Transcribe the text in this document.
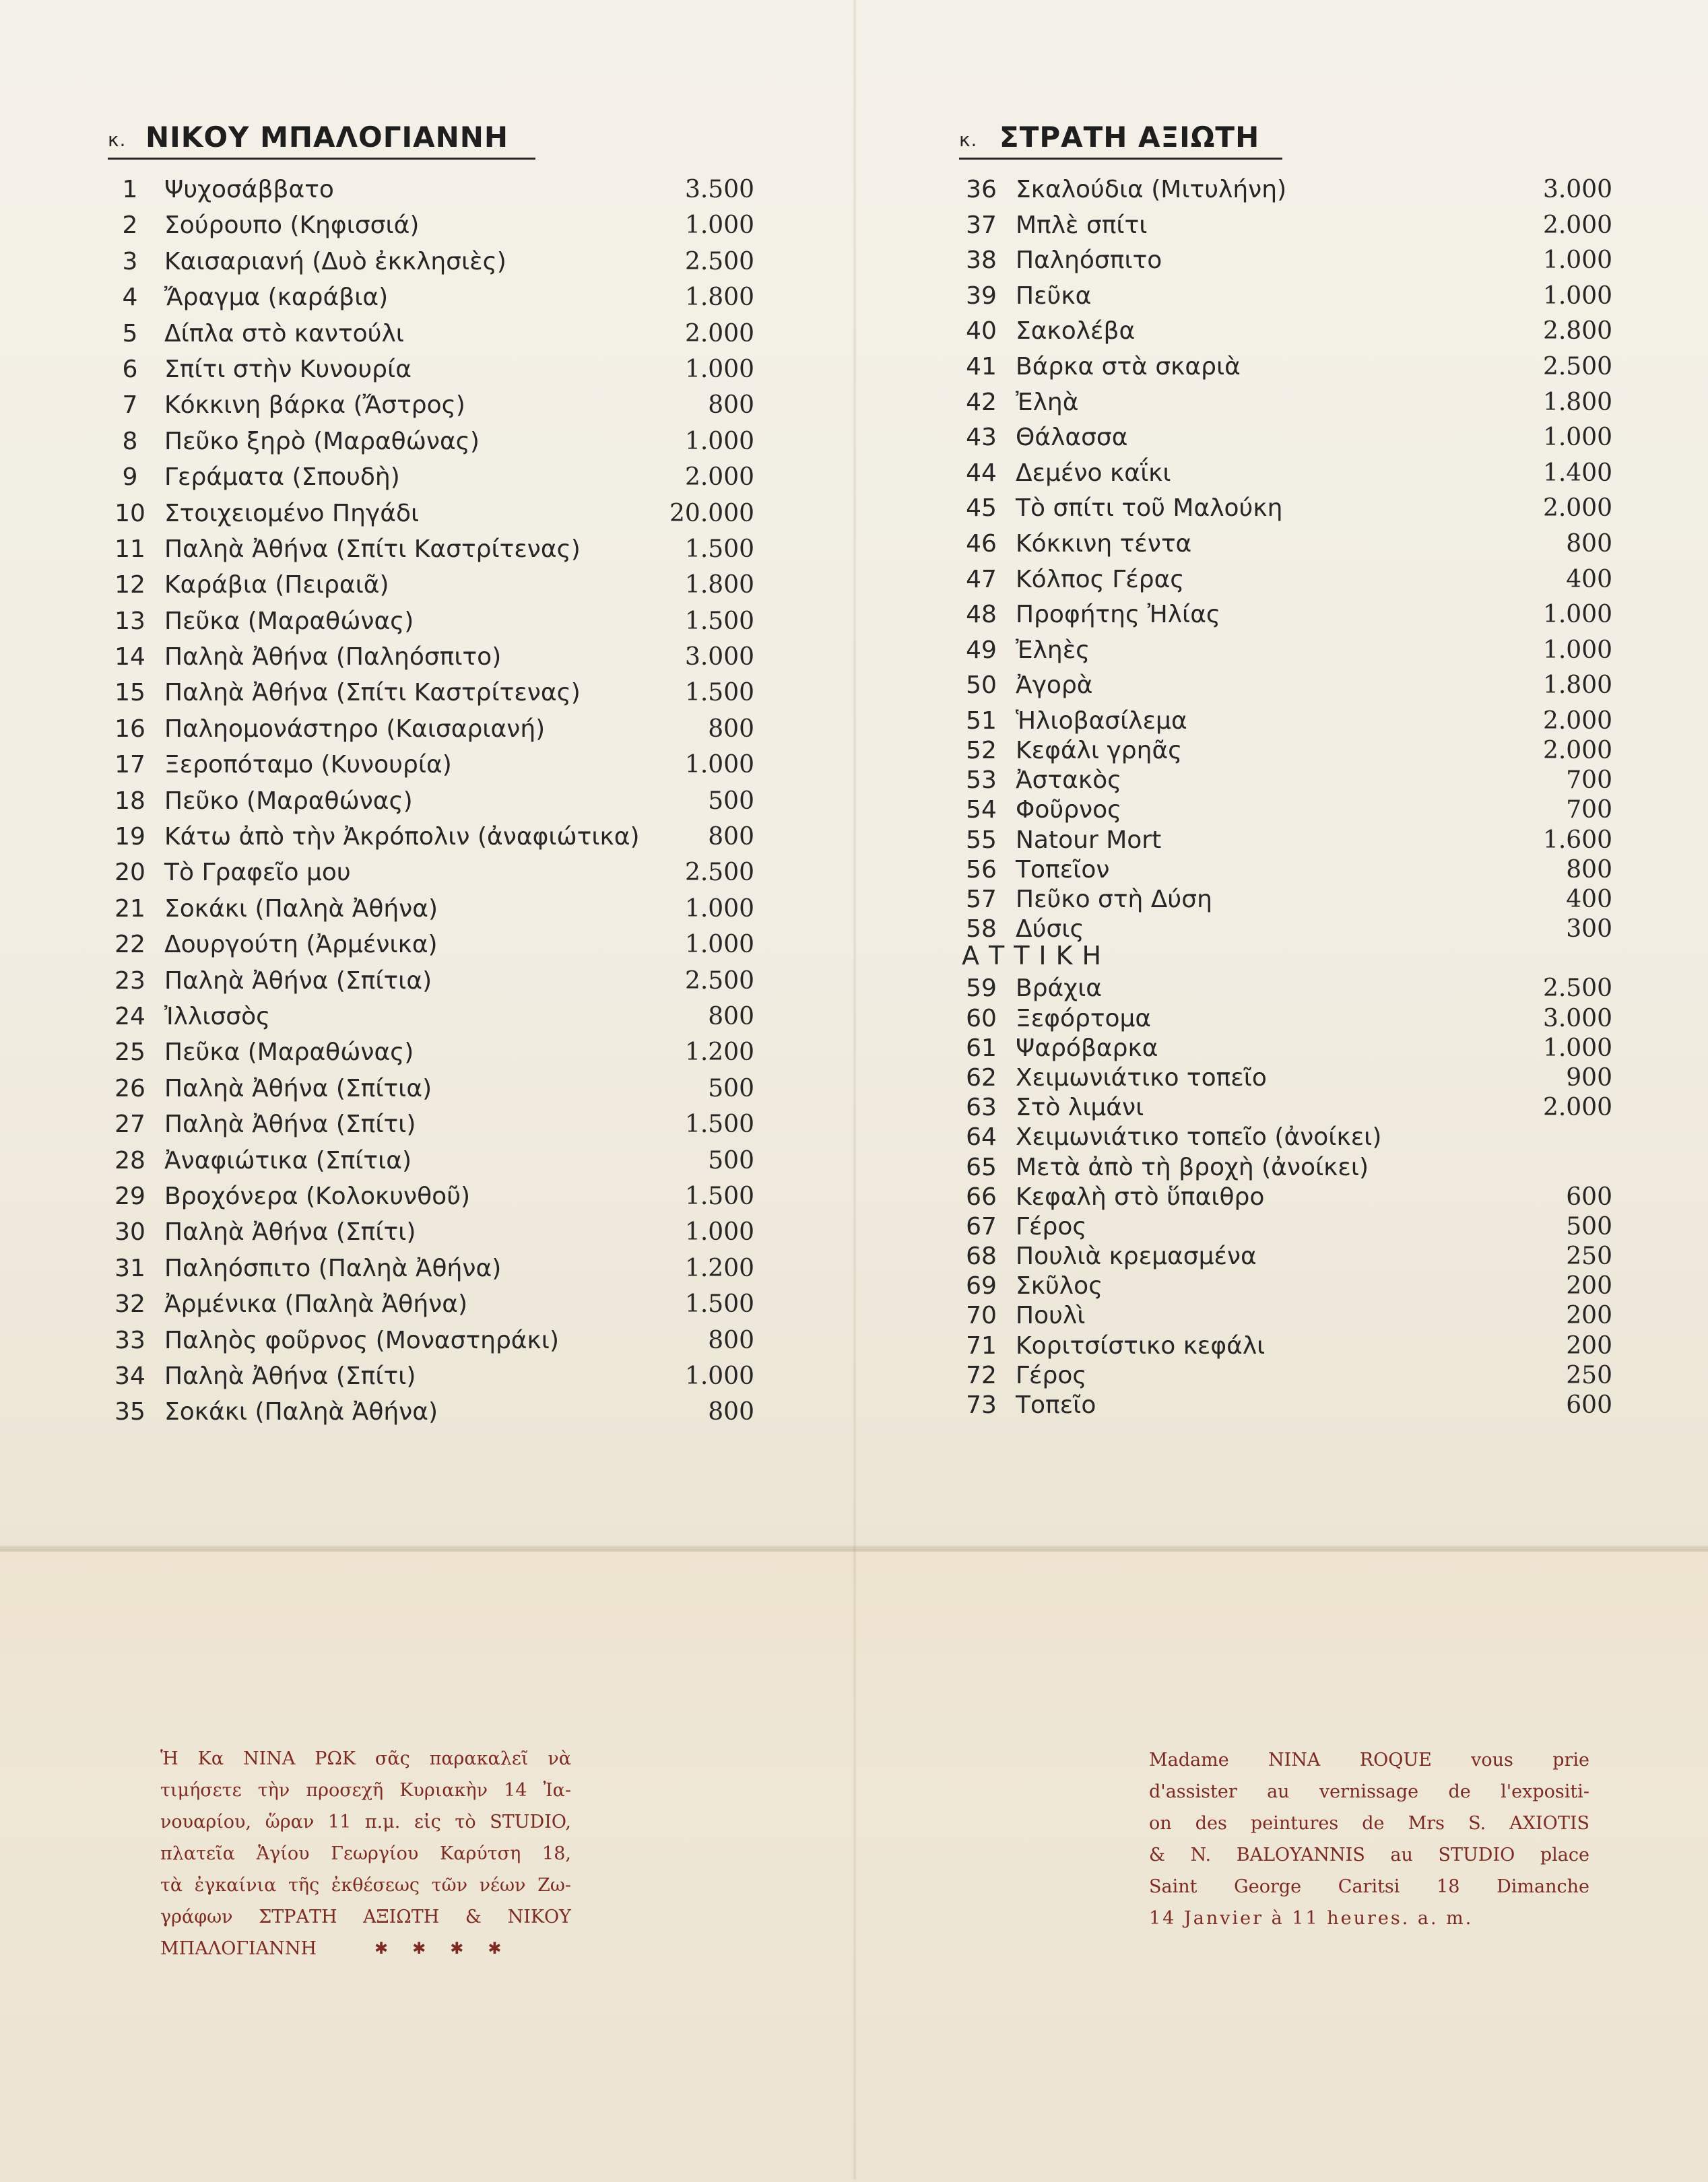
κ. ΝΙΚΟΥ ΜΠΑΛΟΓΙΑΝΝΗ
1	Ψυχοσάββατο	3.500
2	Σούρουπο (Κηφισσιά)	1.000
3	Καισαριανή (Δυὸ ἐκκλησιὲς)	2.500
4	Ἄραγμα (καράβια)	1.800
5	Δίπλα στὸ καντούλι	2.000
6	Σπίτι στὴν Κυνουρία	1.000
7	Κόκκινη βάρκα (Ἄστρος)	800
8	Πεῦκο ξηρὸ (Μαραθώνας)	1.000
9	Γεράματα (Σπουδὴ)	2.000
10 Στοιχειομένο Πηγάδι	20.000
11 Παληὰ Ἀθήνα (Σπίτι Καστρίτενας)	1.500
12 Καράβια (Πειραιᾶ)	1.800
13 Πεῦκα (Μαραθώνας)	1.500
14 Παληὰ Ἀθήνα (Παληόσπιτο)	3.000
15 Παληὰ Ἀθήνα (Σπίτι Καστρίτενας)	1.500
16 Παληομονάστηρο (Καισαριανή)	800
17 Ξεροπόταμο (Κυνουρία)	1.000
18 Πεῦκο (Μαραθώνας)	500
19 Κάτω ἀπὸ τὴν Ἀκρόπολιν (ἀναφιώτικα)	800
20 Τὸ Γραφεῖο μου	2.500
21 Σοκάκι (Παληὰ Ἀθήνα)	1.000
22 Δουργούτη (Ἀρμένικα)	1.000
23 Παληὰ Ἀθήνα (Σπίτια)	2.500
24 Ἰλλισσὸς	800
25 Πεῦκα (Μαραθώνας)	1.200
26 Παληὰ Ἀθήνα (Σπίτια)	500
27 Παληὰ Ἀθήνα (Σπίτι)	1.500
28 Ἀναφιώτικα (Σπίτια)	500
29 Βροχόνερα (Κολοκυνθοῦ)	1.500
30 Παληὰ Ἀθήνα (Σπίτι)	1.000
31 Παληόσπιτο (Παληὰ Ἀθήνα)	1.200
32 Ἀρμένικα (Παληὰ Ἀθήνα)	1.500
33 Παληὸς φοῦρνος (Μοναστηράκι)	800
34 Παληὰ Ἀθήνα (Σπίτι)	1.000
35 Σοκάκι (Παληὰ Ἀθήνα)	800
κ. ΣΤΡΑΤΗ ΑΞΙΩΤΗ
36 Σκαλούδια (Μιτυλήνη)	3.000
37 Μπλὲ σπίτι	2.000
38 Παληόσπιτο	1.000
39 Πεῦκα	1.000
40 Σακολέβα	2.800
41 Βάρκα στὰ σκαριὰ	2.500
42 Ἐληὰ	1.800
43 Θάλασσα	1.000
44 Δεμένο καΐκι	1.400
45 Τὸ σπίτι τοῦ Μαλούκη	2.000
46 Κόκκινη τέντα	800
47 Κόλπος Γέρας	400
48 Προφήτης Ἠλίας	1.000
49 Ἐληὲς	1.000
50 Ἀγορὰ	1.800
51 Ἡλιοβασίλεμα	2.000
52 Κεφάλι γρηᾶς	2.000
53 Ἀστακὸς	700
54 Φοῦρνος	700
55 Natour Mort	1.600
56 Τοπεῖον	800
57 Πεῦκο στὴ Δύση	400
58 Δύσις	300
ΑΤΤΙΚΗ
59 Βράχια	2.500
60 Ξεφόρτομα	3.000
61 Ψαρόβαρκα	1.000
62 Χειμωνιάτικο τοπεῖο	900
63 Στὸ λιμάνι	2.000
64 Χειμωνιάτικο τοπεῖο (ἀνοίκει)
65 Μετὰ ἀπὸ τὴ βροχὴ (ἀνοίκει)
66 Κεφαλὴ στὸ ὕπαιθρο	600
67 Γέρος	500
68 Πουλιὰ κρεμασμένα	250
69 Σκῦλος	200
70 Πουλὶ	200
71 Κοριτσίστικο κεφάλι	200
72 Γέρος	250
73 Τοπεῖο	600
Ἡ Κα ΝΙΝΑ ΡΩΚ σᾶς παρακαλεῖ νὰ
τιμήσετε τὴν προσεχῆ Κυριακὴν 14 Ἰα-
νουαρίου, ὥραν 11 π.μ. εἰς τὸ STUDIO,
πλατεῖα Ἁγίου Γεωργίου Καρύτση 18,
τὰ ἐγκαίνια τῆς ἐκθέσεως τῶν νέων Ζω-
γράφων ΣΤΡΑΤΗ ΑΞΙΩΤΗ & ΝΙΚΟΥ
ΜΠΑΛΟΓΙΑΝΝΗ	✱✱✱✱
Madame NINA ROQUE vous prie
d'assister au vernissage de l'expositi-
on des peintures de Mrs S. AXIOTIS
& N. BALOYANNIS au STUDIO place
Saint George Caritsi 18 Dimanche
14 Janvier à 11 heures. a. m.
